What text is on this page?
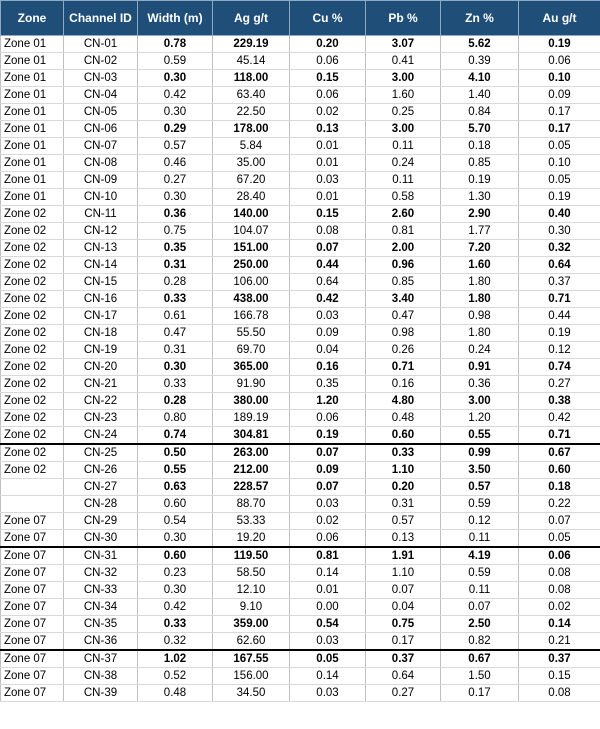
Zone	Channel ID	Width (m)	Ag g/t	Cu %	Pb %	Zn %	Au g/t
Zone 01	CN-01	0.78	229.19	0.20	3.07	5.62	0.19
Zone 01	CN-02	0.59	45.14	0.06	0.41	0.39	0.06
Zone 01	CN-03	0.30	118.00	0.15	3.00	4.10	0.10
Zone 01	CN-04	0.42	63.40	0.06	1.60	1.40	0.09
Zone 01	CN-05	0.30	22.50	0.02	0.25	0.84	0.17
Zone 01	CN-06	0.29	178.00	0.13	3.00	5.70	0.17
Zone 01	CN-07	0.57	5.84	0.01	0.11	0.18	0.05
Zone 01	CN-08	0.46	35.00	0.01	0.24	0.85	0.10
Zone 01	CN-09	0.27	67.20	0.03	0.11	0.19	0.05
Zone 01	CN-10	0.30	28.40	0.01	0.58	1.30	0.19
Zone 02	CN-11	0.36	140.00	0.15	2.60	2.90	0.40
Zone 02	CN-12	0.75	104.07	0.08	0.81	1.77	0.30
Zone 02	CN-13	0.35	151.00	0.07	2.00	7.20	0.32
Zone 02	CN-14	0.31	250.00	0.44	0.96	1.60	0.64
Zone 02	CN-15	0.28	106.00	0.64	0.85	1.80	0.37
Zone 02	CN-16	0.33	438.00	0.42	3.40	1.80	0.71
Zone 02	CN-17	0.61	166.78	0.03	0.47	0.98	0.44
Zone 02	CN-18	0.47	55.50	0.09	0.98	1.80	0.19
Zone 02	CN-19	0.31	69.70	0.04	0.26	0.24	0.12
Zone 02	CN-20	0.30	365.00	0.16	0.71	0.91	0.74
Zone 02	CN-21	0.33	91.90	0.35	0.16	0.36	0.27
Zone 02	CN-22	0.28	380.00	1.20	4.80	3.00	0.38
Zone 02	CN-23	0.80	189.19	0.06	0.48	1.20	0.42
Zone 02	CN-24	0.74	304.81	0.19	0.60	0.55	0.71
Zone 02	CN-25	0.50	263.00	0.07	0.33	0.99	0.67
Zone 02	CN-26	0.55	212.00	0.09	1.10	3.50	0.60
	CN-27	0.63	228.57	0.07	0.20	0.57	0.18
	CN-28	0.60	88.70	0.03	0.31	0.59	0.22
Zone 07	CN-29	0.54	53.33	0.02	0.57	0.12	0.07
Zone 07	CN-30	0.30	19.20	0.06	0.13	0.11	0.05
Zone 07	CN-31	0.60	119.50	0.81	1.91	4.19	0.06
Zone 07	CN-32	0.23	58.50	0.14	1.10	0.59	0.08
Zone 07	CN-33	0.30	12.10	0.01	0.07	0.11	0.08
Zone 07	CN-34	0.42	9.10	0.00	0.04	0.07	0.02
Zone 07	CN-35	0.33	359.00	0.54	0.75	2.50	0.14
Zone 07	CN-36	0.32	62.60	0.03	0.17	0.82	0.21
Zone 07	CN-37	1.02	167.55	0.05	0.37	0.67	0.37
Zone 07	CN-38	0.52	156.00	0.14	0.64	1.50	0.15
Zone 07	CN-39	0.48	34.50	0.03	0.27	0.17	0.08
